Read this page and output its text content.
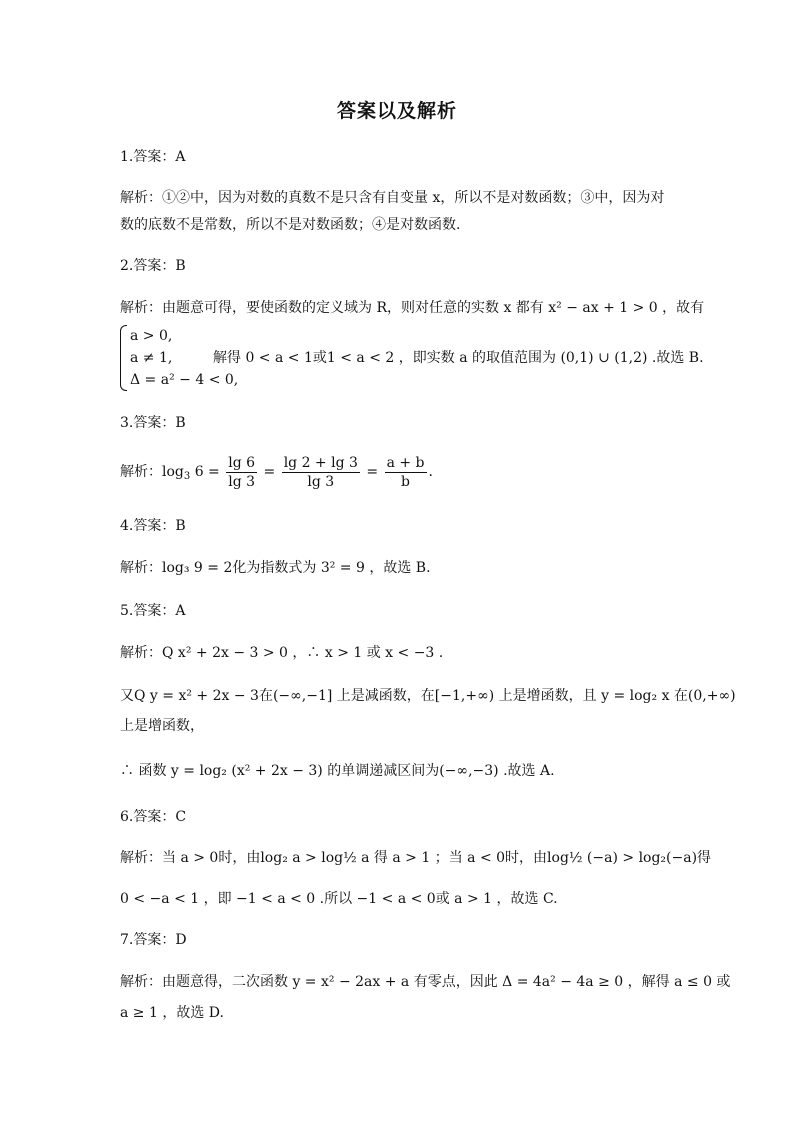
答案以及解析
1.答案：A
解析：①②中，因为对数的真数不是只含有自变量 x，所以不是对数函数；③中，因为对
数的底数不是常数，所以不是对数函数；④是对数函数.
2.答案：B
解析：由题意可得，要使函数的定义域为 R，则对任意的实数 x 都有 x² − ax + 1 > 0 ，故有
a > 0,
a ≠ 1,
Δ = a² − 4 < 0,
解得 0 < a < 1或1 < a < 2 ，即实数 a 的取值范围为 (0,1) ∪ (1,2) .故选 B.
3.答案：B
解析：$\log_3 6 = \frac{\lg 6}{\lg 3} = \frac{\lg 2 + \lg 3}{\lg 3} = \frac{a + b}{b}$ .
4.答案：B
解析：log₃ 9 = 2化为指数式为 3² = 9 ，故选 B.
5.答案：A
解析：Q x² + 2x − 3 > 0 ，∴ x > 1 或 x < −3 .
又Q y = x² + 2x − 3在(−∞,−1] 上是减函数，在[−1,+∞) 上是增函数，且 y = log₂ x 在(0,+∞)
上是增函数，
∴ 函数 y = log₂ (x² + 2x − 3) 的单调递减区间为(−∞,−3) .故选 A.
6.答案：C
解析：当 a > 0时，由log₂ a > log½ a 得 a > 1 ；当 a < 0时，由log½ (−a) > log₂(−a)得
0 < −a < 1 ，即 −1 < a < 0 .所以 −1 < a < 0或 a > 1 ，故选 C.
7.答案：D
解析：由题意得，二次函数 y = x² − 2ax + a 有零点，因此 Δ = 4a² − 4a ≥ 0 ，解得 a ≤ 0 或
a ≥ 1 ，故选 D.
